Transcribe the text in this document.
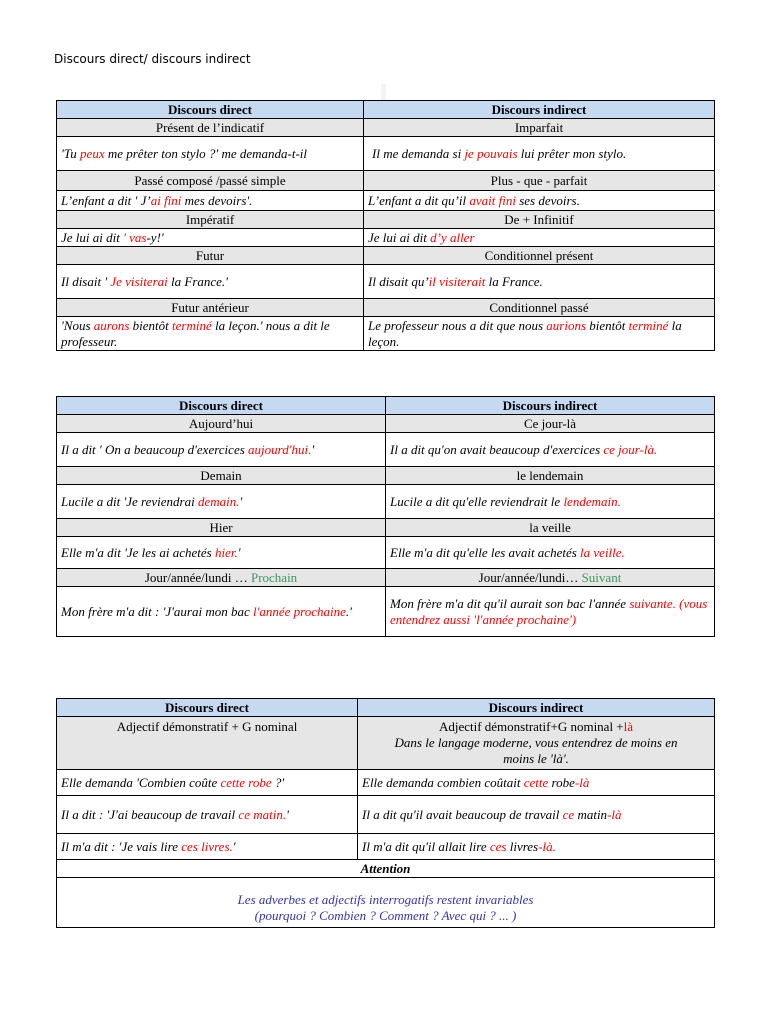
Discours direct/ discours indirect
Discours direct	Discours indirect
Présent de l’indicatif	Imparfait
'Tu peux me prêter ton stylo ?' me demanda-t-il	Il me demanda si je pouvais lui prêter mon stylo.
Passé composé /passé simple	Plus - que - parfait
L’enfant a dit ' J’ai fini mes devoirs'.	L’enfant a dit qu’il avait fini ses devoirs.
Impératif	De + Infinitif
Je lui ai dit ' vas-y!'	Je lui ai dit d’y aller
Futur	Conditionnel présent
Il disait ' Je visiterai la France.'	Il disait qu’il visiterait la France.
Futur antérieur	Conditionnel passé
'Nous aurons bientôt terminé la leçon.' nous a dit le professeur.	Le professeur nous a dit que nous aurions bientôt terminé la leçon.
Discours direct	Discours indirect
Aujourd’hui	Ce jour-là
Il a dit ' On a beaucoup d'exercices aujourd'hui.'	Il a dit qu'on avait beaucoup d'exercices ce jour-là.
Demain	le lendemain
Lucile a dit 'Je reviendrai demain.'	Lucile a dit qu'elle reviendrait le lendemain.
Hier	la veille
Elle m'a dit 'Je les ai achetés hier.'	Elle m'a dit qu'elle les avait achetés la veille.
Jour/année/lundi … Prochain	Jour/année/lundi… Suivant
Mon frère m'a dit : 'J'aurai mon bac l'année prochaine.'	Mon frère m'a dit qu'il aurait son bac l'année suivante. (vous entendrez aussi 'l'année prochaine')
Discours direct	Discours indirect
Adjectif démonstratif + G nominal	Adjectif démonstratif+G nominal +là
Dans le langage moderne, vous entendrez de moins en moins le 'là'.

Elle demanda 'Combien coûte cette robe ?'	Elle demanda combien coûtait cette robe-là
Il a dit : 'J'ai beaucoup de travail ce matin.'	Il a dit qu'il avait beaucoup de travail ce matin-là
Il m'a dit : 'Je vais lire ces livres.'	Il m'a dit qu'il allait lire ces livres-là.
Attention	

Les adverbes et adjectifs interrogatifs restent invariables
(pourquoi ? Combien ? Comment ? Avec qui ? ... )	
